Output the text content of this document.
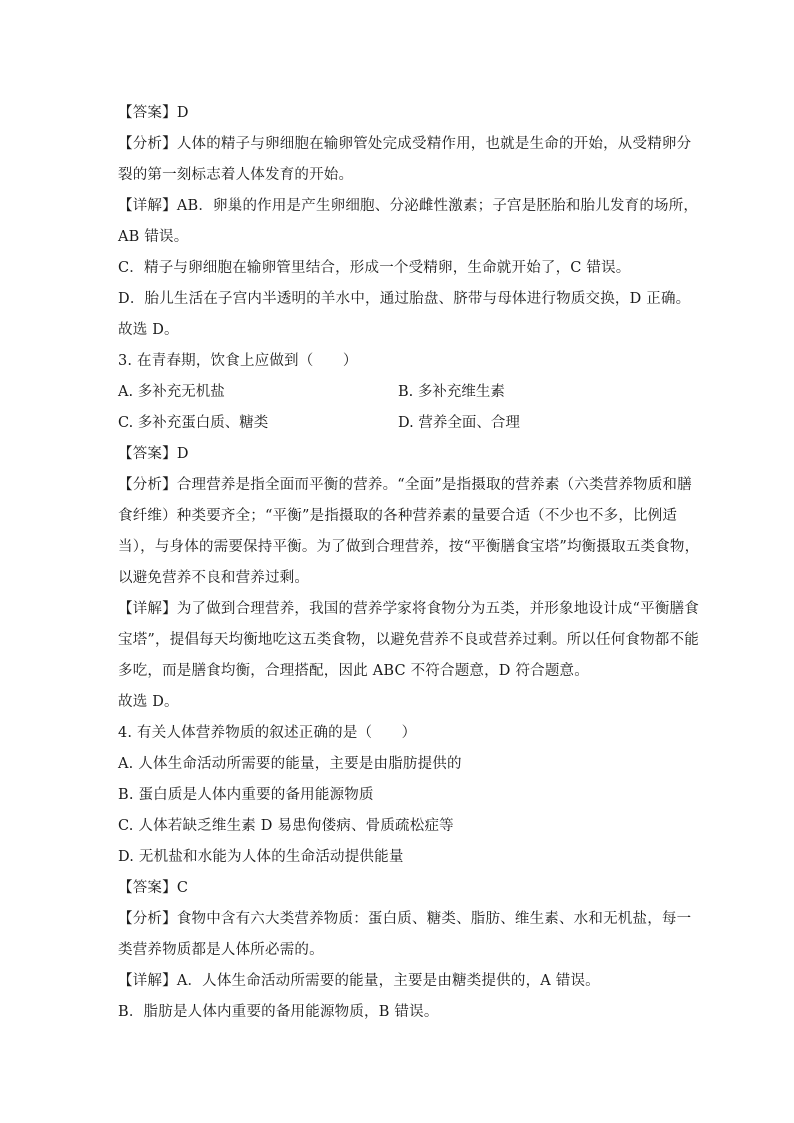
【答案】D
【分析】人体的精子与卵细胞在输卵管处完成受精作用，也就是生命的开始，从受精卵分
裂的第一刻标志着人体发育的开始。
【详解】AB．卵巢的作用是产生卵细胞、分泌雌性激素；子宫是胚胎和胎儿发育的场所，
AB 错误。
C．精子与卵细胞在输卵管里结合，形成一个受精卵，生命就开始了，C 错误。
D．胎儿生活在子宫内半透明的羊水中，通过胎盘、脐带与母体进行物质交换，D 正确。
故选 D。
3. 在青春期，饮食上应做到（　　）
A. 多补充无机盐	B. 多补充维生素
C. 多补充蛋白质、糖类	D. 营养全面、合理
【答案】D
【分析】合理营养是指全面而平衡的营养。“全面”是指摄取的营养素（六类营养物质和膳
食纤维）种类要齐全；“平衡”是指摄取的各种营养素的量要合适（不少也不多，比例适
当），与身体的需要保持平衡。为了做到合理营养，按“平衡膳食宝塔”均衡摄取五类食物，
以避免营养不良和营养过剩。
【详解】为了做到合理营养，我国的营养学家将食物分为五类，并形象地设计成“平衡膳食
宝塔”，提倡每天均衡地吃这五类食物，以避免营养不良或营养过剩。所以任何食物都不能
多吃，而是膳食均衡，合理搭配，因此 ABC 不符合题意，D 符合题意。
故选 D。
4. 有关人体营养物质的叙述正确的是（　　）
A. 人体生命活动所需要的能量，主要是由脂肪提供的
B. 蛋白质是人体内重要的备用能源物质
C. 人体若缺乏维生素 D 易患佝偻病、骨质疏松症等
D. 无机盐和水能为人体的生命活动提供能量
【答案】C
【分析】食物中含有六大类营养物质：蛋白质、糖类、脂肪、维生素、水和无机盐，每一
类营养物质都是人体所必需的。
【详解】A．人体生命活动所需要的能量，主要是由糖类提供的，A 错误。
B．脂肪是人体内重要的备用能源物质，B 错误。
